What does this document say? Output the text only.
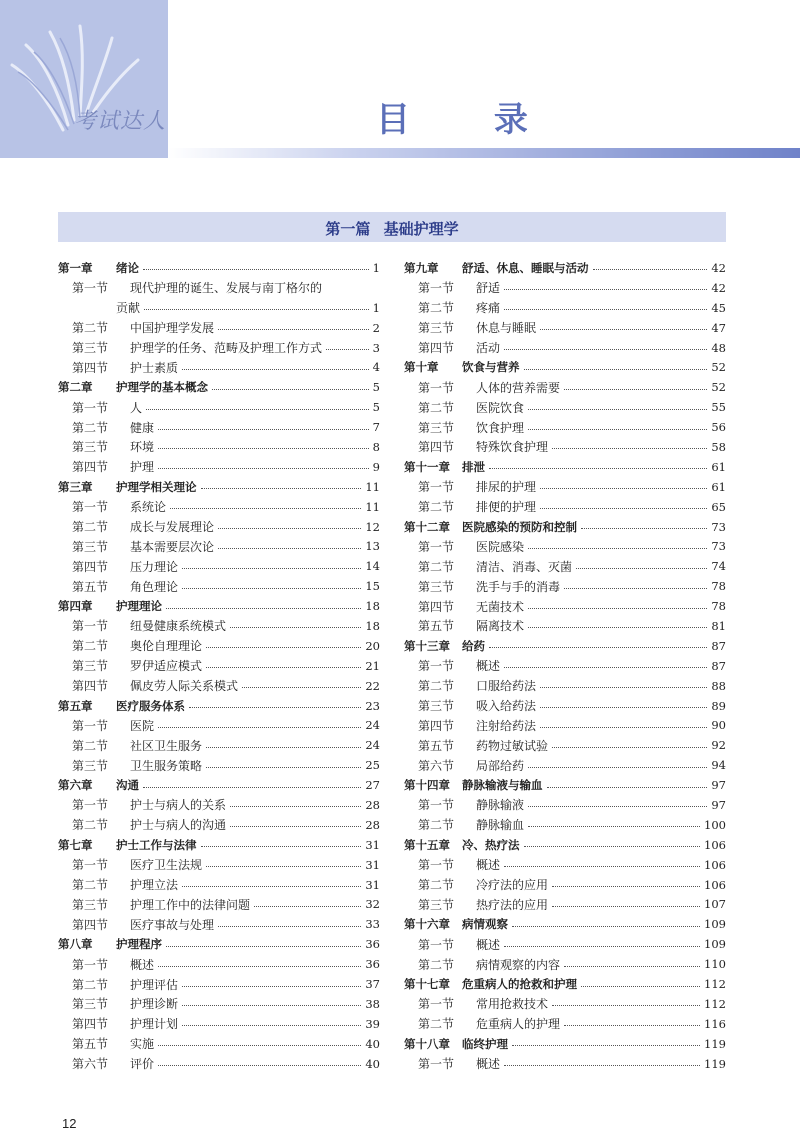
考试达人	目 录
第一篇 基础护理学
第一章	绪论	1
第一节	现代护理的诞生、发展与南丁格尔的
贡献	1
第二节	中国护理学发展	2
第三节	护理学的任务、范畴及护理工作方式	3
第四节	护士素质	4
第二章	护理学的基本概念	5
第一节	人	5
第二节	健康	7
第三节	环境	8
第四节	护理	9
第三章	护理学相关理论	11
第一节	系统论	11
第二节	成长与发展理论	12
第三节	基本需要层次论	13
第四节	压力理论	14
第五节	角色理论	15
第四章	护理理论	18
第一节	纽曼健康系统模式	18
第二节	奥伦自理理论	20
第三节	罗伊适应模式	21
第四节	佩皮劳人际关系模式	22
第五章	医疗服务体系	23
第一节	医院	24
第二节	社区卫生服务	24
第三节	卫生服务策略	25
第六章	沟通	27
第一节	护士与病人的关系	28
第二节	护士与病人的沟通	28
第七章	护士工作与法律	31
第一节	医疗卫生法规	31
第二节	护理立法	31
第三节	护理工作中的法律问题	32
第四节	医疗事故与处理	33
第八章	护理程序	36
第一节	概述	36
第二节	护理评估	37
第三节	护理诊断	38
第四节	护理计划	39
第五节	实施	40
第六节	评价	40
第九章	舒适、休息、睡眠与活动	42
第一节	舒适	42
第二节	疼痛	45
第三节	休息与睡眠	47
第四节	活动	48
第十章	饮食与营养	52
第一节	人体的营养需要	52
第二节	医院饮食	55
第三节	饮食护理	56
第四节	特殊饮食护理	58
第十一章	排泄	61
第一节	排尿的护理	61
第二节	排便的护理	65
第十二章	医院感染的预防和控制	73
第一节	医院感染	73
第二节	清洁、消毒、灭菌	74
第三节	洗手与手的消毒	78
第四节	无菌技术	78
第五节	隔离技术	81
第十三章	给药	87
第一节	概述	87
第二节	口服给药法	88
第三节	吸入给药法	89
第四节	注射给药法	90
第五节	药物过敏试验	92
第六节	局部给药	94
第十四章	静脉输液与输血	97
第一节	静脉输液	97
第二节	静脉输血	100
第十五章	冷、热疗法	106
第一节	概述	106
第二节	冷疗法的应用	106
第三节	热疗法的应用	107
第十六章	病情观察	109
第一节	概述	109
第二节	病情观察的内容	110
第十七章	危重病人的抢救和护理	112
第一节	常用抢救技术	112
第二节	危重病人的护理	116
第十八章	临终护理	119
第一节	概述	119
12
